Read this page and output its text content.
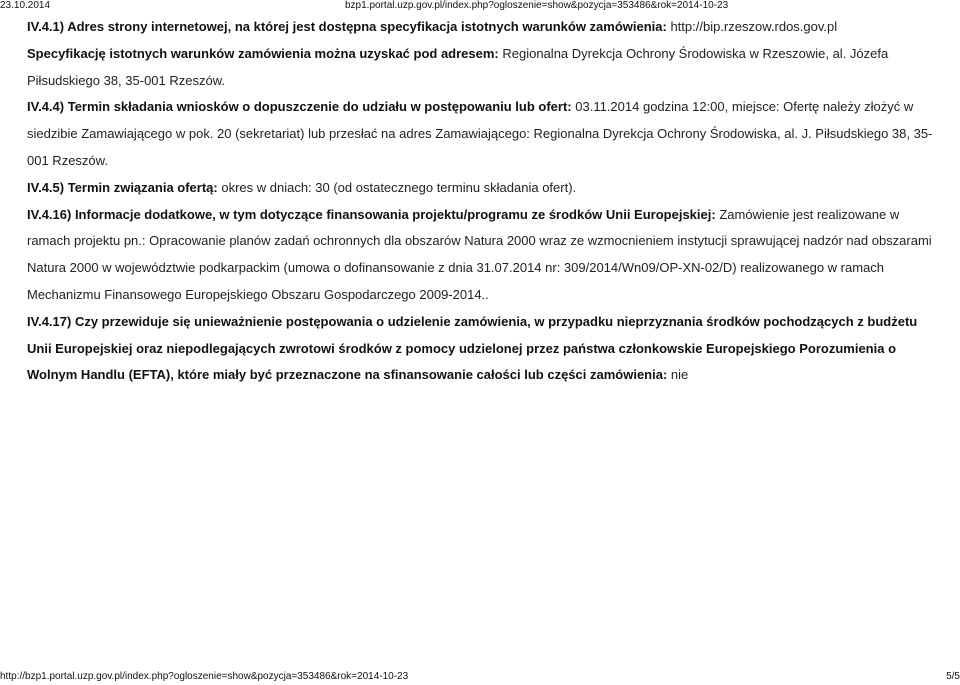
23.10.2014	bzp1.portal.uzp.gov.pl/index.php?ogloszenie=show&pozycja=353486&rok=2014-10-23

IV.4.1) Adres strony internetowej, na której jest dostępna specyfikacja istotnych warunków zamówienia: http://bip.rzeszow.rdos.gov.pl

Specyfikację istotnych warunków zamówienia można uzyskać pod adresem: Regionalna Dyrekcja Ochrony Środowiska w Rzeszowie, al. Józefa Piłsudskiego 38, 35-001 Rzeszów.

IV.4.4) Termin składania wniosków o dopuszczenie do udziału w postępowaniu lub ofert: 03.11.2014 godzina 12:00, miejsce: Ofertę należy złożyć w siedzibie Zamawiającego w pok. 20 (sekretariat) lub przesłać na adres Zamawiającego: Regionalna Dyrekcja Ochrony Środowiska, al. J. Piłsudskiego 38, 35-001 Rzeszów.

IV.4.5) Termin związania ofertą: okres w dniach: 30 (od ostatecznego terminu składania ofert).

IV.4.16) Informacje dodatkowe, w tym dotyczące finansowania projektu/programu ze środków Unii Europejskiej: Zamówienie jest realizowane w ramach projektu pn.: Opracowanie planów zadań ochronnych dla obszarów Natura 2000 wraz ze wzmocnieniem instytucji sprawującej nadzór nad obszarami Natura 2000 w województwie podkarpackim (umowa o dofinansowanie z dnia 31.07.2014 nr: 309/2014/Wn09/OP-XN-02/D) realizowanego w ramach Mechanizmu Finansowego Europejskiego Obszaru Gospodarczego 2009-2014..

IV.4.17) Czy przewiduje się unieważnienie postępowania o udzielenie zamówienia, w przypadku nieprzyznania środków pochodzących z budżetu Unii Europejskiej oraz niepodlegających zwrotowi środków z pomocy udzielonej przez państwa członkowskie Europejskiego Porozumienia o Wolnym Handlu (EFTA), które miały być przeznaczone na sfinansowanie całości lub części zamówienia: nie

http://bzp1.portal.uzp.gov.pl/index.php?ogloszenie=show&pozycja=353486&rok=2014-10-23	5/5
